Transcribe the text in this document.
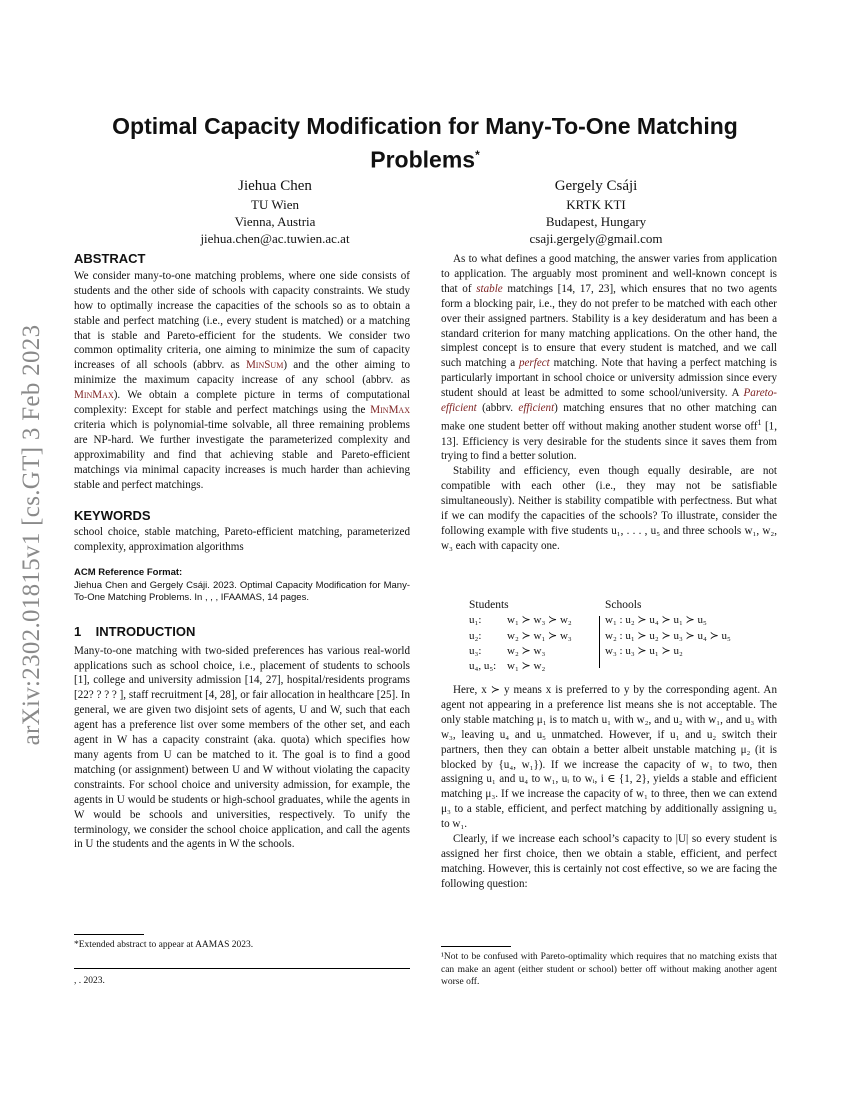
arXiv:2302.01815v1 [cs.GT] 3 Feb 2023
Optimal Capacity Modification for Many-To-One Matching Problems*
Jiehua Chen
TU Wien
Vienna, Austria
jiehua.chen@ac.tuwien.ac.at
Gergely Csáji
KRTK KTI
Budapest, Hungary
csaji.gergely@gmail.com
ABSTRACT

We consider many-to-one matching problems, where one side consists of students and the other side of schools with capacity constraints. We study how to optimally increase the capacities of the schools so as to obtain a stable and perfect matching (i.e., every student is matched) or a matching that is stable and Pareto-efficient for the students. We consider two common optimality criteria, one aiming to minimize the sum of capacity increases of all schools (abbrv. as MinSum) and the other aiming to minimize the maximum capacity increase of any school (abbrv. as MinMax). We obtain a complete picture in terms of computational complexity: Except for stable and perfect matchings using the MinMax criteria which is polynomial-time solvable, all three remaining problems are NP-hard. We further investigate the parameterized complexity and approximability and find that achieving stable and Pareto-efficient matchings via minimal capacity increases is much harder than achieving stable and perfect matchings.

KEYWORDS

school choice, stable matching, Pareto-efficient matching, parameterized complexity, approximation algorithms

ACM Reference Format:

Jiehua Chen and Gergely Csáji. 2023. Optimal Capacity Modification for Many-To-One Matching Problems. In , , , IFAAMAS, 14 pages.

1    INTRODUCTION

Many-to-one matching with two-sided preferences has various real-world applications such as school choice, i.e., placement of students to schools [1], college and university admission [14, 27], hospital/residents programs [22? ? ? ? ], staff recruitment [4, 28], or fair allocation in healthcare [25]. In general, we are given two disjoint sets of agents, U and W, such that each agent has a preference list over some members of the other set, and each agent in W has a capacity constraint (aka. quota) which specifies how many agents from U can be matched to it. The goal is to find a good matching (or assignment) between U and W without violating the capacity constraints. For school choice and university admission, for example, the agents in U would be students or high-school graduates, while the agents in W would be schools and universities, respectively. To unify the terminology, we consider the school choice application, and call the agents in U the students and the agents in W the schools.

*Extended abstract to appear at AAMAS 2023.
, . 2023.

As to what defines a good matching, the answer varies from application to application. The arguably most prominent and well-known concept is that of stable matchings [14, 17, 23], which ensures that no two agents form a blocking pair, i.e., they do not prefer to be matched with each other over their assigned partners. Stability is a key desideratum and has been a standard criterion for many matching applications. On the other hand, the simplest concept is to ensure that every student is matched, and we call such matching a perfect matching. Note that having a perfect matching is particularly important in school choice or university admission since every student should at least be admitted to some school/university. A Pareto-efficient (abbrv. efficient) matching ensures that no other matching can make one student better off without making another student worse off$^1$ [1, 13]. Efficiency is very desirable for the students since it saves them from trying to find a better solution.

Stability and efficiency, even though equally desirable, are not compatible with each other (i.e., they may not be satisfiable simultaneously). Neither is stability compatible with perfectness. But what if we can modify the capacities of the schools? To illustrate, consider the following example with five students u₁, . . . , u₅ and three schools w₁, w₂, w₃ each with capacity one.

Students
u₁: w₁ ≻ w₃ ≻ w₂
u₂: w₂ ≻ w₁ ≻ w₃
u₃: w₂ ≻ w₃
u₄, u₅: w₁ ≻ w₂
Schools
w₁ : u₂ ≻ u₄ ≻ u₁ ≻ u₅
w₂ : u₁ ≻ u₂ ≻ u₃ ≻ u₄ ≻ u₅
w₃ : u₃ ≻ u₁ ≻ u₂

Here, x ≻ y means x is preferred to y by the corresponding agent. An agent not appearing in a preference list means she is not acceptable. The only stable matching μ₁ is to match u₁ with w₂, and u₂ with w₁, and u₃ with w₃, leaving u₄ and u₅ unmatched. However, if u₁ and u₂ switch their partners, then they can obtain a better albeit unstable matching μ₂ (it is blocked by {u₄, w₁}). If we increase the capacity of w₁ to two, then assigning u₁ and u₄ to w₁, uᵢ to wᵢ, i ∈ {1, 2}, yields a stable and efficient matching μ₃. If we increase the capacity of w₁ to three, then we can extend μ₃ to a stable, efficient, and perfect matching by additionally assigning u₅ to w₁.

Clearly, if we increase each school’s capacity to |U| so every student is assigned her first choice, then we obtain a stable, efficient, and perfect matching. However, this is certainly not cost effective, so we are facing the following question:

¹Not to be confused with Pareto-optimality which requires that no matching exists that can make an agent (either student or school) better off without making another agent worse off.
